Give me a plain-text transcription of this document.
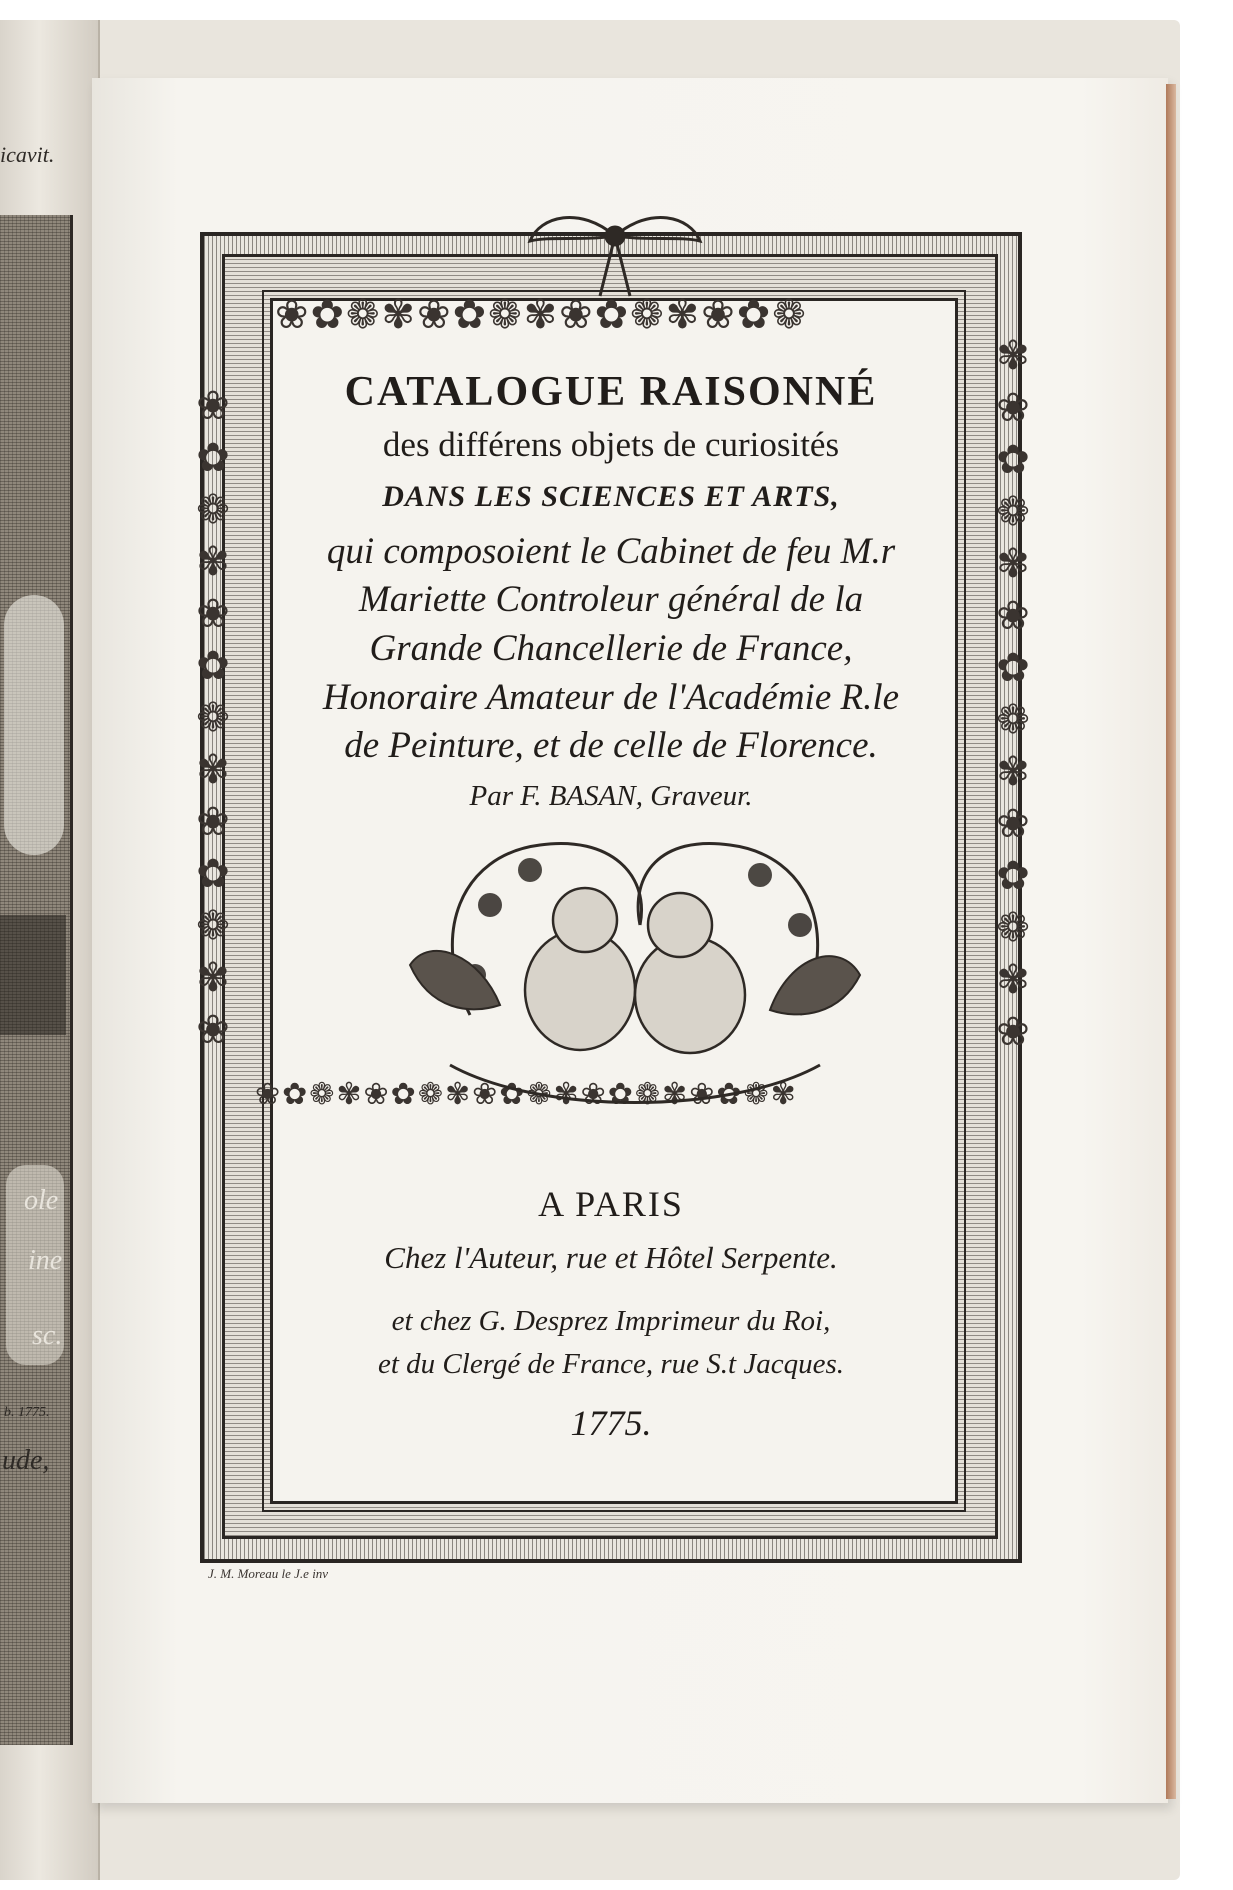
icavit.
ole
ine
sc.
b. 1775.
ude,
❀✿❁✾❀✿❁✾❀✿❁✾❀✿❁
❀
✿
❁
✾
❀
✿
❁
✾
❀
✿
❁
✾
❀
✾
❀
✿
❁
✾
❀
✿
❁
✾
❀
✿
❁
✾
❀
❀✿❁✾❀✿❁✾❀✿❁✾❀✿❁✾❀✿❁✾
CATALOGUE RAISONNÉ
des différens objets de curiosités
DANS LES SCIENCES ET ARTS,
qui composoient le Cabinet de feu M.r
Mariette Controleur général de la
Grande Chancellerie de France,
Honoraire Amateur de l'Académie R.le
de Peinture, et de celle de Florence.
Par F. BASAN, Graveur.
A PARIS
Chez l'Auteur, rue et Hôtel Serpente.
et chez G. Desprez Imprimeur du Roi,
et du Clergé de France, rue S.t Jacques.
1775.
J. M. Moreau le J.e inv
